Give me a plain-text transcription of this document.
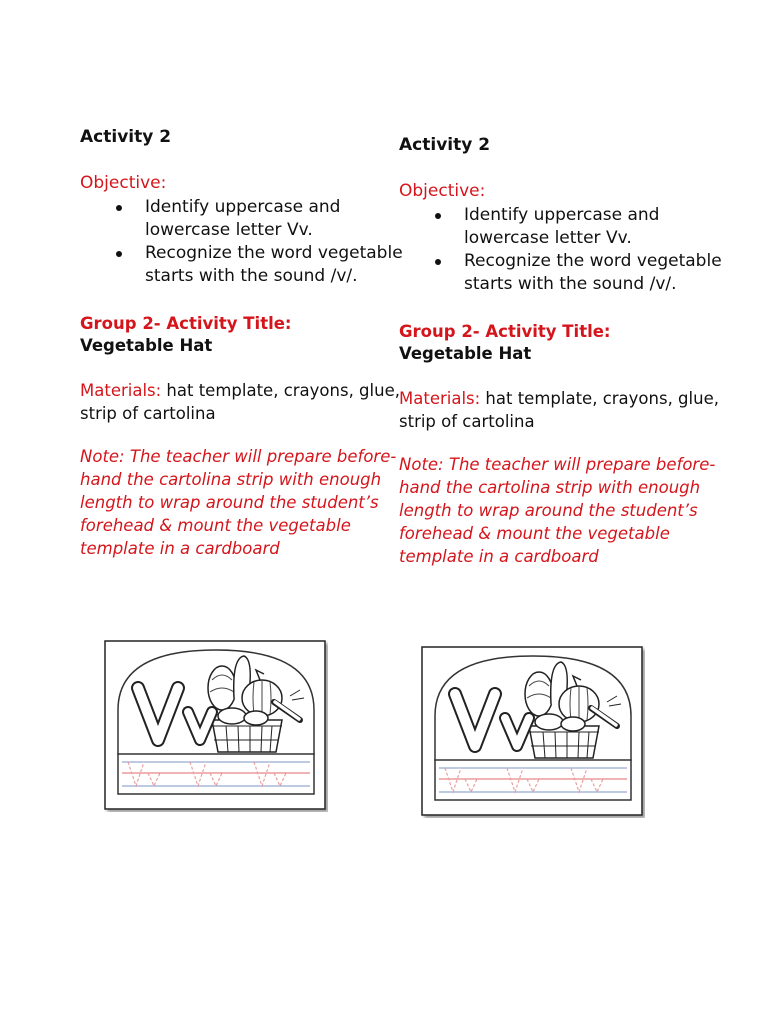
Activity 2
Objective:
Identify uppercase and lowercase letter Vv.
Recognize the word vegetable starts with the sound /v/.
Group 2- Activity Title:
Vegetable Hat
Materials: hat template, crayons, glue, strip of cartolina
Note: The teacher will prepare before-hand the cartolina strip with enough length to wrap around the student’s forehead & mount the vegetable template in a cardboard
Activity 2
Objective:
Identify uppercase and lowercase letter Vv.
Recognize the word vegetable starts with the sound /v/.
Group 2- Activity Title:
Vegetable Hat
Materials: hat template, crayons, glue, strip of cartolina
Note: The teacher will prepare before-hand the cartolina strip with enough length to wrap around the student’s forehead & mount the vegetable template in a cardboard
